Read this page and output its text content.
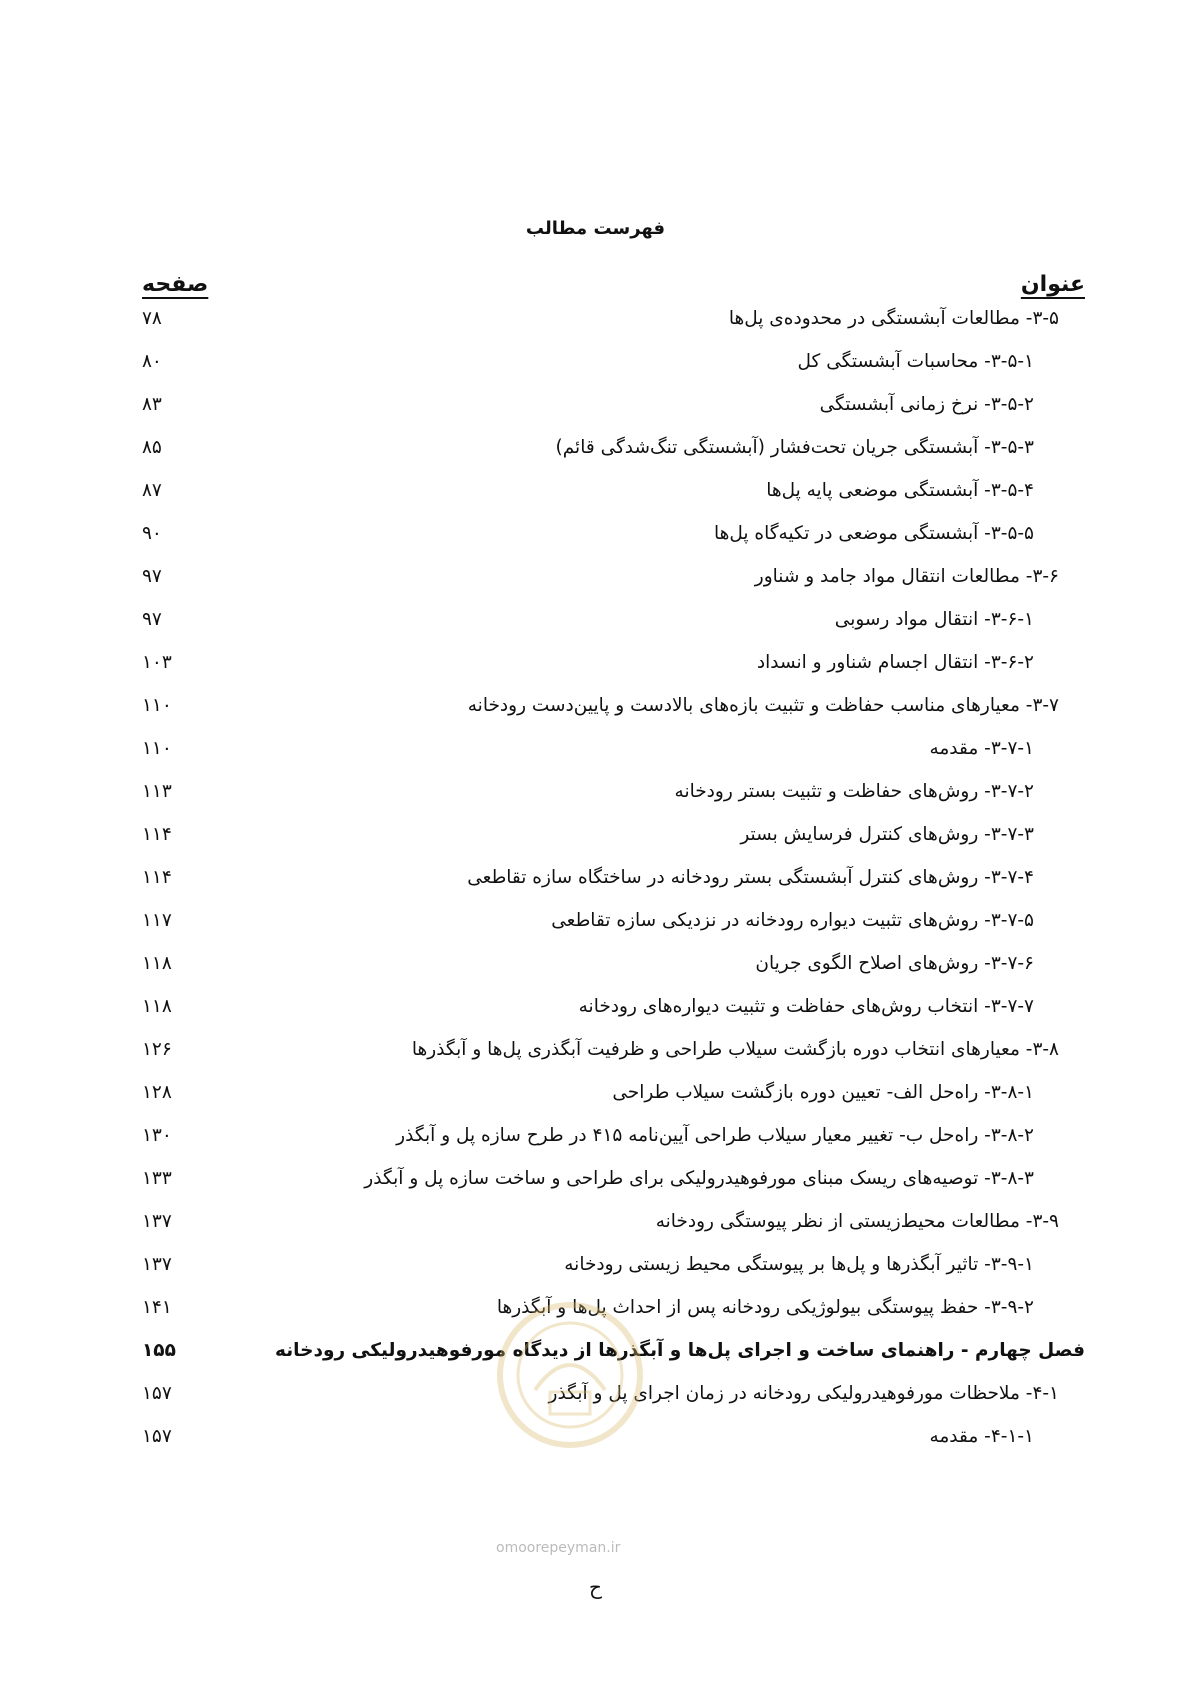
فهرست مطالب
عنوان
صفحه
۳-۵- مطالعات آبشستگی در محدوده‌ی پل‌ها
۷۸
۳-۵-۱- محاسبات آبشستگی کل
۸۰
۳-۵-۲- نرخ زمانی آبشستگی
۸۳
۳-۵-۳- آبشستگی جریان تحت‌فشار (آبشستگی تنگ‌شدگی قائم)
۸۵
۳-۵-۴- آبشستگی موضعی پایه پل‌ها
۸۷
۳-۵-۵- آبشستگی موضعی در تکیه‌گاه پل‌ها
۹۰
۳-۶- مطالعات انتقال مواد جامد و شناور
۹۷
۳-۶-۱- انتقال مواد رسوبی
۹۷
۳-۶-۲- انتقال اجسام شناور و انسداد
۱۰۳
۳-۷- معیارهای مناسب حفاظت و تثبیت بازه‌های بالادست و پایین‌دست رودخانه
۱۱۰
۳-۷-۱- مقدمه
۱۱۰
۳-۷-۲- روش‌های حفاظت و تثبیت بستر رودخانه
۱۱۳
۳-۷-۳- روش‌های کنترل فرسایش بستر
۱۱۴
۳-۷-۴- روش‌های کنترل آبشستگی بستر رودخانه در ساختگاه سازه تقاطعی
۱۱۴
۳-۷-۵- روش‌های تثبیت دیواره رودخانه در نزدیکی سازه تقاطعی
۱۱۷
۳-۷-۶- روش‌های اصلاح الگوی جریان
۱۱۸
۳-۷-۷- انتخاب روش‌های حفاظت و تثبیت دیواره‌های رودخانه
۱۱۸
۳-۸- معیارهای انتخاب دوره بازگشت سیلاب طراحی و ظرفیت آبگذری پل‌ها و آبگذرها
۱۲۶
۳-۸-۱- راه‌حل الف- تعیین دوره بازگشت سیلاب طراحی
۱۲۸
۳-۸-۲- راه‌حل ب- تغییر معیار سیلاب طراحی آیین‌نامه ۴۱۵ در طرح سازه پل و آبگذر
۱۳۰
۳-۸-۳- توصیه‌های ریسک مبنای مورفوهیدرولیکی برای طراحی و ساخت سازه پل و آبگذر
۱۳۳
۳-۹- مطالعات محیط‌زیستی از نظر پیوستگی رودخانه
۱۳۷
۳-۹-۱- تاثیر آبگذرها و پل‌ها بر پیوستگی محیط زیستی رودخانه
۱۳۷
۳-۹-۲- حفظ پیوستگی بیولوژیکی رودخانه پس از احداث پل‌ها و آبگذرها
۱۴۱
فصل چهارم - راهنمای ساخت و اجرای پل‌ها و آبگذرها از دیدگاه مورفوهیدرولیکی رودخانه
۱۵۵
۴-۱- ملاحظات مورفوهیدرولیکی رودخانه در زمان اجرای پل و آبگذر
۱۵۷
۴-۱-۱- مقدمه
۱۵۷
omoorepeyman.ir
ح
